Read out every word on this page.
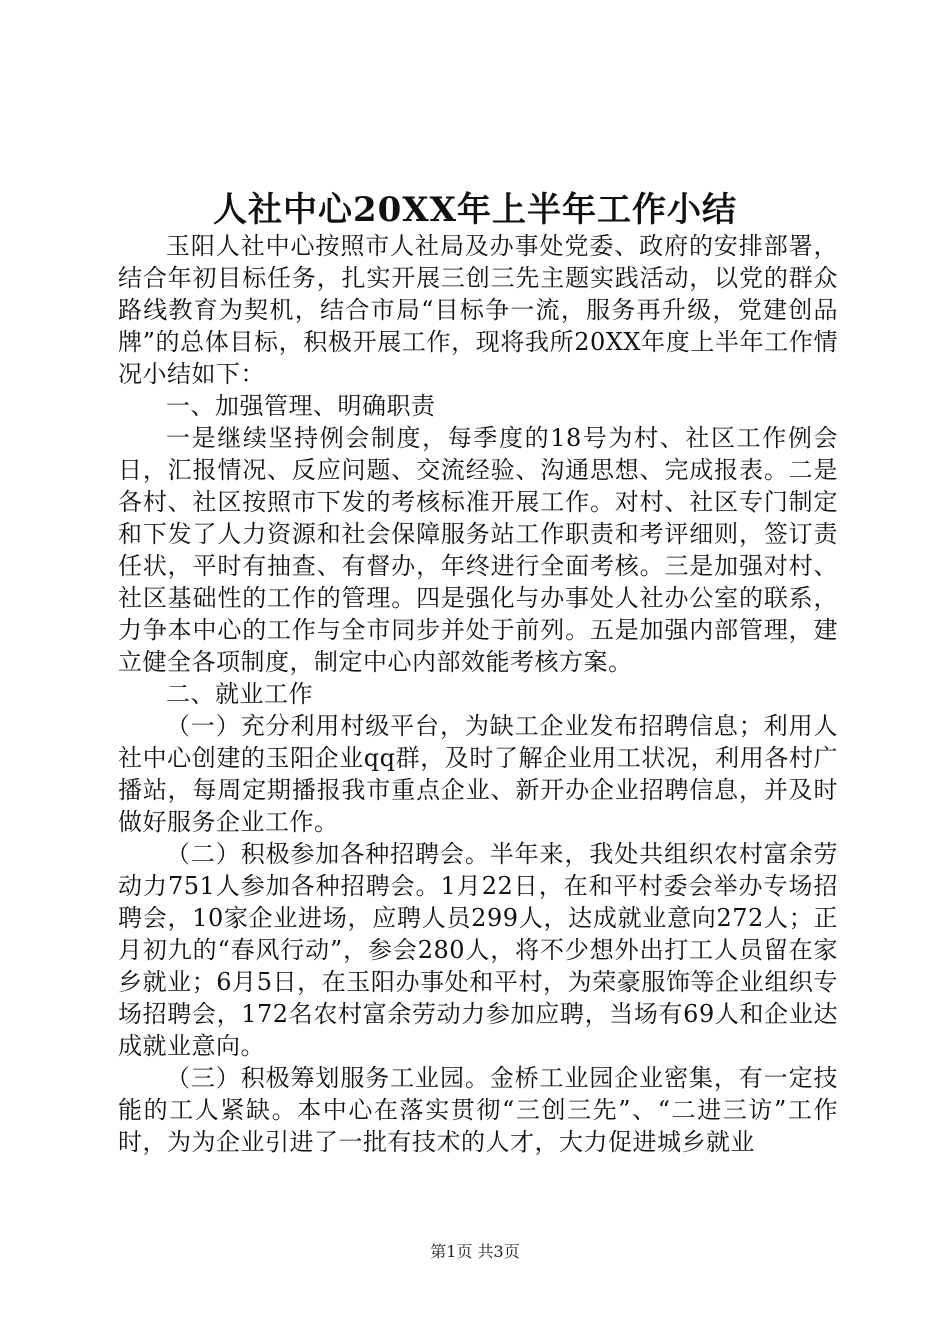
人社中心20XX年上半年工作小结

玉阳人社中心按照市人社局及办事处党委、政府的安排部署，结合年初目标任务，扎实开展三创三先主题实践活动，以党的群众路线教育为契机，结合市局“目标争一流，服务再升级，党建创品牌”的总体目标，积极开展工作，现将我所20XX年度上半年工作情况小结如下：

一、加强管理、明确职责

一是继续坚持例会制度，每季度的18号为村、社区工作例会日，汇报情况、反应问题、交流经验、沟通思想、完成报表。二是各村、社区按照市下发的考核标准开展工作。对村、社区专门制定和下发了人力资源和社会保障服务站工作职责和考评细则，签订责任状，平时有抽查、有督办，年终进行全面考核。三是加强对村、社区基础性的工作的管理。四是强化与办事处人社办公室的联系，力争本中心的工作与全市同步并处于前列。五是加强内部管理，建立健全各项制度，制定中心内部效能考核方案。

二、就业工作

（一）充分利用村级平台，为缺工企业发布招聘信息；利用人社中心创建的玉阳企业qq群，及时了解企业用工状况，利用各村广播站，每周定期播报我市重点企业、新开办企业招聘信息，并及时做好服务企业工作。

（二）积极参加各种招聘会。半年来，我处共组织农村富余劳动力751人参加各种招聘会。1月22日，在和平村委会举办专场招聘会，10家企业进场，应聘人员299人，达成就业意向272人；正月初九的“春风行动”，参会280人，将不少想外出打工人员留在家乡就业；6月5日，在玉阳办事处和平村，为荣豪服饰等企业组织专场招聘会，172名农村富余劳动力参加应聘，当场有69人和企业达成就业意向。

（三）积极筹划服务工业园。金桥工业园企业密集，有一定技能的工人紧缺。本中心在落实贯彻“三创三先”、“二进三访”工作时，为为企业引进了一批有技术的人才，大力促进城乡就业

第1页 共3页
